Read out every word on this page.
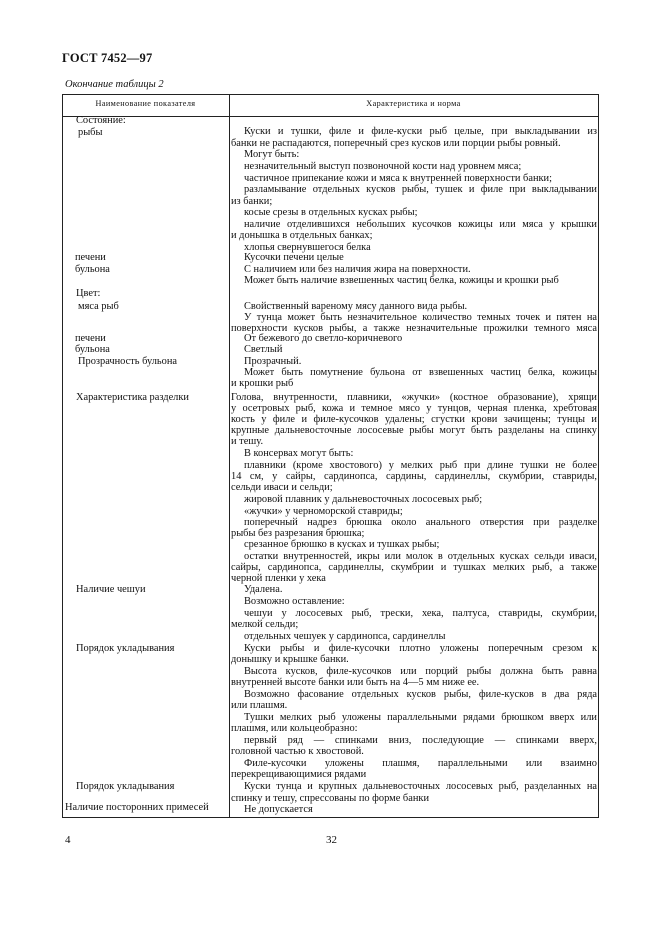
ГОСТ 7452—97
Окончание таблицы 2
Наименование показателя	Характеристика и норма
Состояние:
рыбы
печени
бульона
Цвет:
мяса рыб
печени
бульона
Прозрачность бульона
Характеристика разделки
Наличие чешуи
Порядок укладывания
Порядок укладывания
Наличие посторонних примесей
Куски и тушки, филе и филе-куски рыб целые, при выкладывании из
банки не распадаются, поперечный срез кусков или порции рыбы ровный.
Могут быть:
незначительный выступ позвоночной кости над уровнем мяса;
частичное припекание кожи и мяса к внутренней поверхности банки;
разламывание отдельных кусков рыбы, тушек и филе при выкладывании
из банки;
косые срезы в отдельных кусках рыбы;
наличие отделившихся небольших кусочков кожицы или мяса у крышки
и донышка в отдельных банках;
хлопья свернувшегося белка
Кусочки печени целые
С наличием или без наличия жира на поверхности.
Может быть наличие взвешенных частиц белка, кожицы и крошки рыб
Свойственный вареному мясу данного вида рыбы.
У тунца может быть незначительное количество темных точек и пятен на
поверхности кусков рыбы, а также незначительные прожилки темного мяса
От бежевого до светло-коричневого
Светлый
Прозрачный.
Может быть помутнение бульона от взвешенных частиц белка, кожицы
и крошки рыб
Голова, внутренности, плавники, «жучки» (костное образование), хрящи
у осетровых рыб, кожа и темное мясо у тунцов, черная пленка, хребтовая
кость у филе и филе-кусочков удалены; сгустки крови зачищены; тунцы и
крупные дальневосточные лососевые рыбы могут быть разделаны на спинку
и тешу.
В консервах могут быть:
плавники (кроме хвостового) у мелких рыб при длине тушки не более
14 см, у сайры, сардинопса, сардины, сардинеллы, скумбрии, ставриды,
сельди иваси и сельди;
жировой плавник у дальневосточных лососевых рыб;
«жучки» у черноморской ставриды;
поперечный надрез брюшка около анального отверстия при разделке
рыбы без разрезания брюшка;
срезанное брюшко в кусках и тушках рыбы;
остатки внутренностей, икры или молок в отдельных кусках сельди иваси,
сайры, сардинопса, сардинеллы, скумбрии и тушках мелких рыб, а также
черной пленки у хека
Удалена.
Возможно оставление:
чешуи у лососевых рыб, трески, хека, палтуса, ставриды, скумбрии,
мелкой сельди;
отдельных чешуек у сардинопса, сардинеллы
Куски рыбы и филе-кусочки плотно уложены поперечным срезом к
донышку и крышке банки.
Высота кусков, филе-кусочков или порций рыбы должна быть равна
внутренней высоте банки или быть на 4—5 мм ниже ее.
Возможно фасование отдельных кусков рыбы, филе-кусков в два ряда
или плашмя.
Тушки мелких рыб уложены параллельными рядами брюшком вверх или
плашмя, или кольцеобразно:
первый ряд — спинками вниз, последующие — спинками вверх,
головной частью к хвостовой.
Филе-кусочки уложены плашмя, параллельными или взаимно
перекрещивающимися рядами
Куски тунца и крупных дальневосточных лососевых рыб, разделанных на
спинку и тешу, спрессованы по форме банки
Не допускается
4	32
